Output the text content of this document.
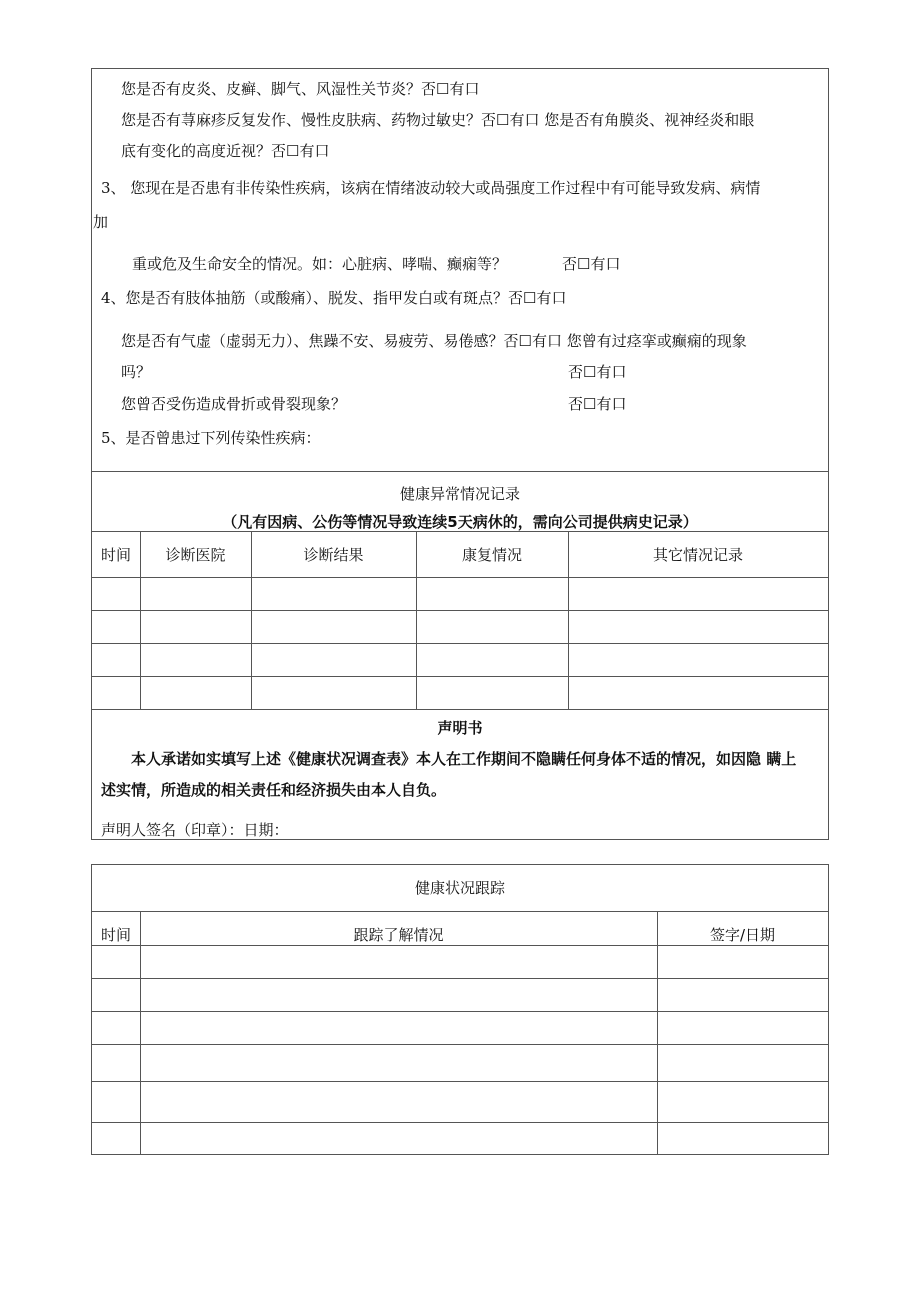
您是否有皮炎、皮癣、脚气、风湿性关节炎？否☐有口
您是否有荨麻疹反复发作、慢性皮肤病、药物过敏史？否☐有口 您是否有角膜炎、视神经炎和眼
底有变化的高度近视？否☐有口
3、 您现在是否患有非传染性疾病，该病在情绪波动较大或咼强度工作过程中有可能导致发病、病情
加
重或危及生命安全的情况。如：心脏病、哮喘、癫痫等？	否☐有口
4、您是否有肢体抽筋（或酸痛）、脱发、指甲发白或有斑点？否☐有口
您是否有气虚（虚弱无力）、焦躁不安、易疲劳、易倦感？否☐有口 您曾有过痉挛或癫痫的现象
吗？	否☐有口
您曾否受伤造成骨折或骨裂现象？	否☐有口
5、是否曾患过下列传染性疾病：
健康异常情况记录
（凡有因病、公伤等情况导致连续5天病休的，需向公司提供病史记录）
时间	诊断医院	诊断结果	康复情况	其它情况记录
声明书
本人承诺如实填写上述《健康状况调查表》本人在工作期间不隐瞒任何身体不适的情况，如因隐 瞒上
述实情，所造成的相关责任和经济损失由本人自负。
声明人签名（印章）：日期：
健康状况跟踪
时间	跟踪了解情况	签字/日期
